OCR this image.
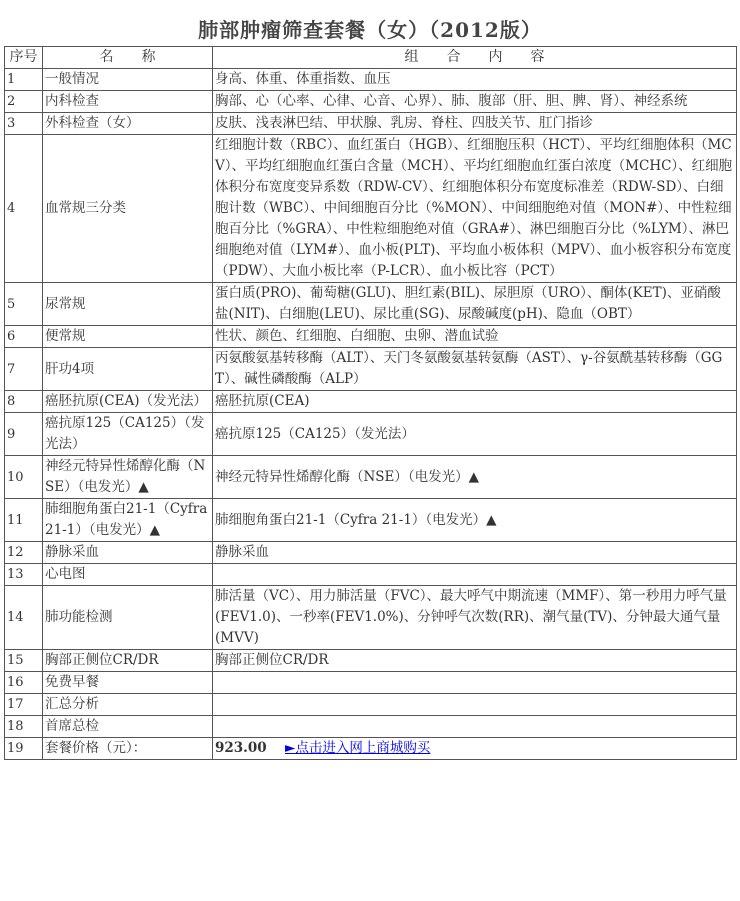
肺部肿瘤筛查套餐（女）（2012版）
序号	名　　称	组　　合　　内　　容
1	一般情况	身高、体重、体重指数、血压
2	内科检查	胸部、心（心率、心律、心音、心界）、肺、腹部（肝、胆、脾、肾）、神经系统
3	外科检查（女）	皮肤、浅表淋巴结、甲状腺、乳房、脊柱、四肢关节、肛门指诊
4	血常规三分类	红细胞计数（RBC）、血红蛋白（HGB）、红细胞压积（HCT）、平均红细胞体积（MCV）、平均红细胞血红蛋白含量（MCH）、平均红细胞血红蛋白浓度（MCHC）、红细胞体积分布宽度变异系数（RDW-CV）、红细胞体积分布宽度标准差（RDW-SD）、白细胞计数（WBC）、中间细胞百分比（%MON）、中间细胞绝对值（MON#）、中性粒细胞百分比（%GRA）、中性粒细胞绝对值（GRA#）、淋巴细胞百分比（%LYM）、淋巴细胞绝对值（LYM#）、血小板(PLT)、平均血小板体积（MPV）、血小板容积分布宽度（PDW）、大血小板比率（P-LCR）、血小板比容（PCT）
5	尿常规	蛋白质(PRO)、葡萄糖(GLU)、胆红素(BIL)、尿胆原（URO）、酮体(KET)、亚硝酸盐(NIT)、白细胞(LEU)、尿比重(SG)、尿酸碱度(pH)、隐血（OBT）
6	便常规	性状、颜色、红细胞、白细胞、虫卵、潜血试验
7	肝功4项	丙氨酸氨基转移酶（ALT）、天门冬氨酸氨基转氨酶（AST）、γ-谷氨酰基转移酶（GGT）、碱性磷酸酶（ALP）
8	癌胚抗原(CEA)（发光法）	癌胚抗原(CEA)
9	癌抗原125（CA125）（发光法）	癌抗原125（CA125）（发光法）
10	神经元特异性烯醇化酶（NSE）（电发光）▲	神经元特异性烯醇化酶（NSE）（电发光）▲
11	肺细胞角蛋白21-1（Cyfra 21-1）（电发光）▲	肺细胞角蛋白21-1（Cyfra 21-1）（电发光）▲
12	静脉采血	静脉采血
13	心电图	
14	肺功能检测	肺活量（VC）、用力肺活量（FVC）、最大呼气中期流速（MMF）、第一秒用力呼气量(FEV1.0)、一秒率(FEV1.0%)、分钟呼气次数(RR)、潮气量(TV)、分钟最大通气量(MVV)
15	胸部正侧位CR/DR	胸部正侧位CR/DR
16	免费早餐	
17	汇总分析	
18	首席总检	
19	套餐价格（元）：	923.00 ►点击进入网上商城购买
